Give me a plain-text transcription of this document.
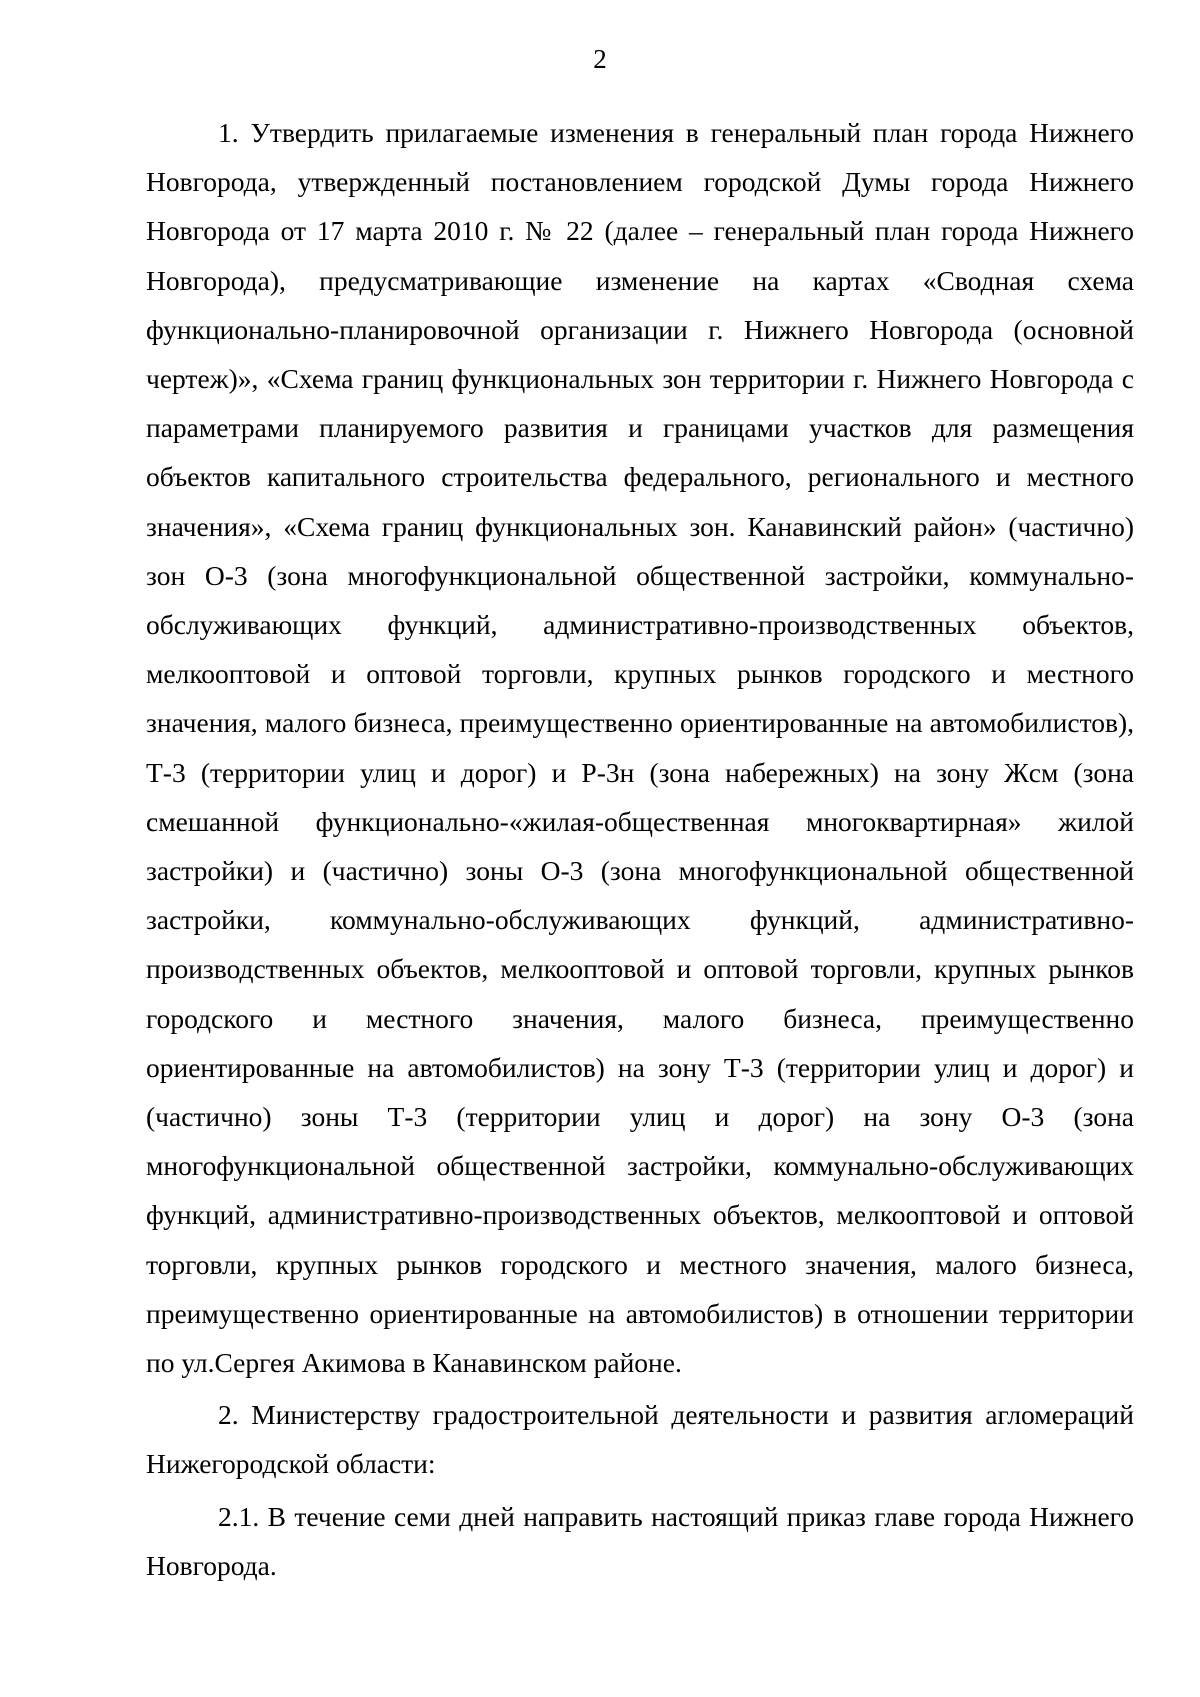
2

1. Утвердить прилагаемые изменения в генеральный план города Нижнего Новгорода, утвержденный постановлением городской Думы города Нижнего Новгорода от 17 марта 2010 г. № 22 (далее – генеральный план города Нижнего Новгорода), предусматривающие изменение на картах «Сводная схема функционально-планировочной организации г. Нижнего Новгорода (основной чертеж)», «Схема границ функциональных зон территории г. Нижнего Новгорода с параметрами планируемого развития и границами участков для размещения объектов капитального строительства федерального, регионального и местного значения», «Схема границ функциональных зон. Канавинский район» (частично) зон О-3 (зона многофункциональной общественной застройки, коммунально-обслуживающих функций, административно-производственных объектов, мелкооптовой и оптовой торговли, крупных рынков городского и местного значения, малого бизнеса, преимущественно ориентированные на автомобилистов), Т-3 (территории улиц и дорог) и Р-3н (зона набережных) на зону Жсм (зона смешанной функционально-«жилая-общественная многоквартирная» жилой застройки) и (частично) зоны О-3 (зона многофункциональной общественной застройки, коммунально-обслуживающих функций, административно-производственных объектов, мелкооптовой и оптовой торговли, крупных рынков городского и местного значения, малого бизнеса, преимущественно ориентированные на автомобилистов) на зону Т-3 (территории улиц и дорог) и (частично) зоны Т-3 (территории улиц и дорог) на зону О-3 (зона многофункциональной общественной застройки, коммунально-обслуживающих функций, административно-производственных объектов, мелкооптовой и оптовой торговли, крупных рынков городского и местного значения, малого бизнеса, преимущественно ориентированные на автомобилистов) в отношении территории по ул.Сергея Акимова в Канавинском районе.

2. Министерству градостроительной деятельности и развития агломераций Нижегородской области:

2.1. В течение семи дней направить настоящий приказ главе города Нижнего Новгорода.
